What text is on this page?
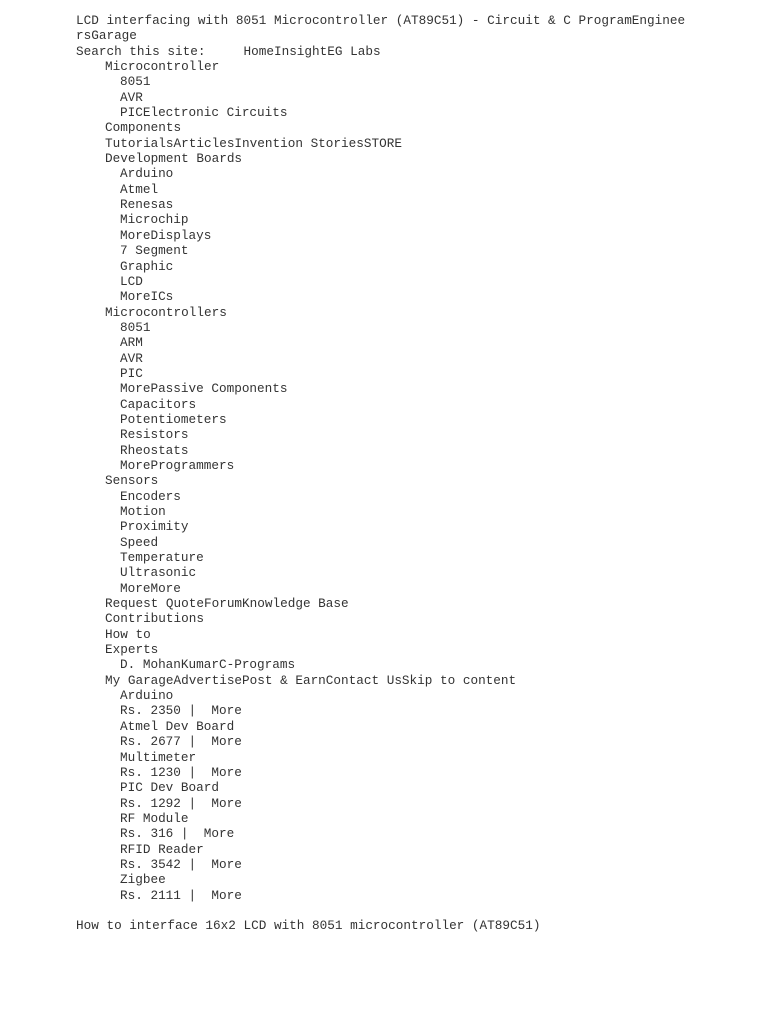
LCD interfacing with 8051 Microcontroller (AT89C51) - Circuit & C ProgramEnginee
rsGarage
Search this site:	HomeInsightEG Labs
Microcontroller
8051
AVR
PICElectronic Circuits
Components
TutorialsArticlesInvention StoriesSTORE
Development Boards
Arduino
Atmel
Renesas
Microchip
MoreDisplays
7 Segment
Graphic
LCD
MoreICs
Microcontrollers
8051
ARM
AVR
PIC
MorePassive Components
Capacitors
Potentiometers
Resistors
Rheostats
MoreProgrammers
Sensors
Encoders
Motion
Proximity
Speed
Temperature
Ultrasonic
MoreMore
Request QuoteForumKnowledge Base
Contributions
How to
Experts
D. MohanKumarC-Programs
My GarageAdvertisePost & EarnContact UsSkip to content
Arduino
Rs. 2350 |  More
Atmel Dev Board
Rs. 2677 |  More
Multimeter
Rs. 1230 |  More
PIC Dev Board
Rs. 1292 |  More
RF Module
Rs. 316 |  More
RFID Reader
Rs. 3542 |  More
Zigbee
Rs. 2111 |  More
How to interface 16x2 LCD with 8051 microcontroller (AT89C51)
